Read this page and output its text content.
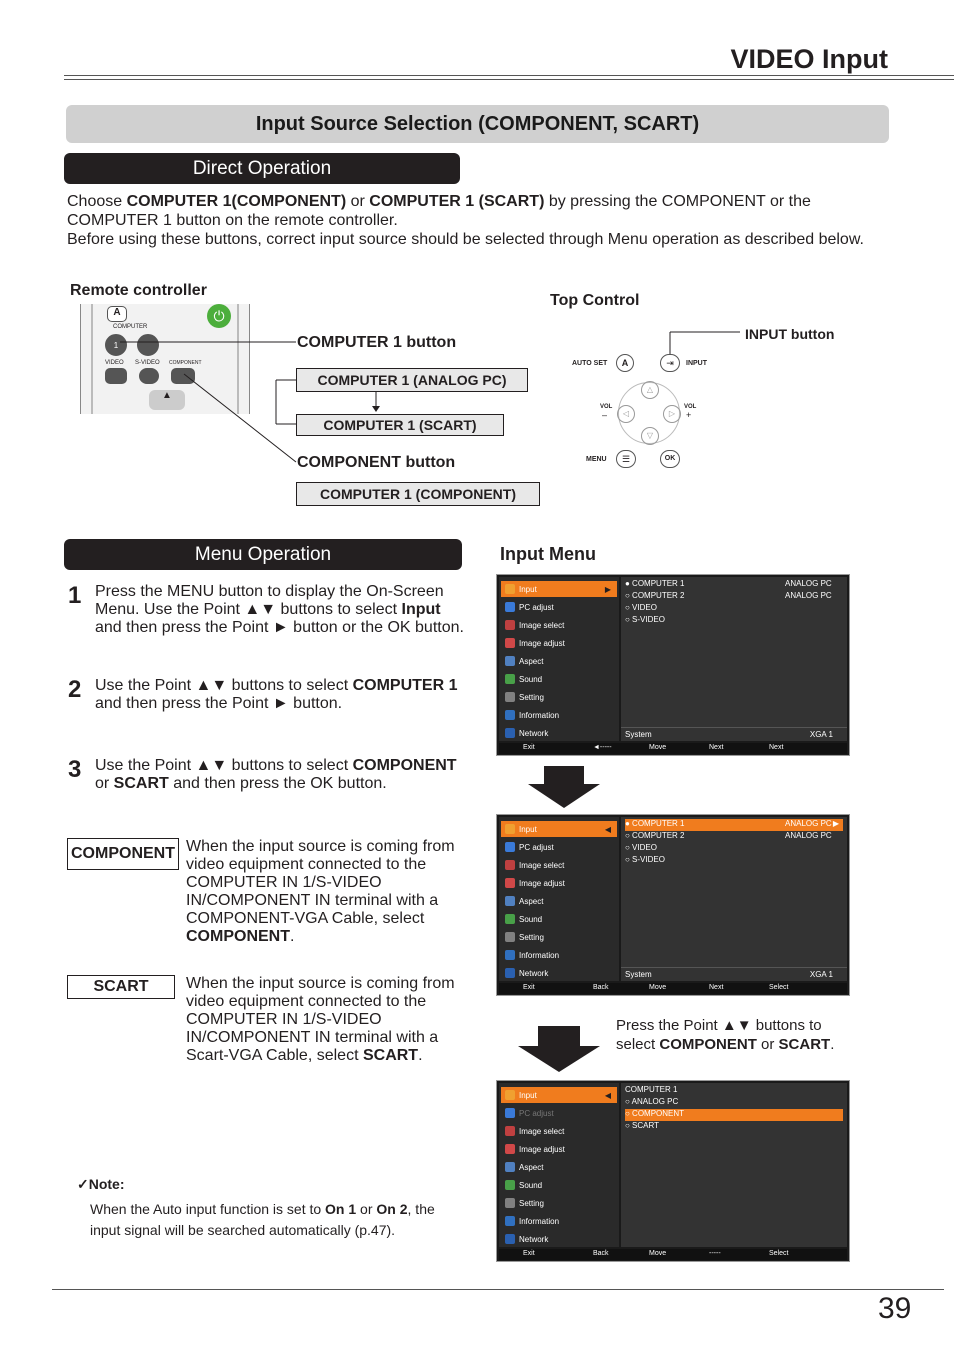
VIDEO Input
Input Source Selection (COMPONENT, SCART)
Direct Operation
Choose COMPUTER 1(COMPONENT) or COMPUTER 1 (SCART) by pressing the COMPONENT or the COMPUTER 1 button on the remote controller.
Before using these buttons, correct input source should be selected through Menu operation as described below.
Remote controller
A	⏻
COMPUTER
1
VIDEO S-VIDEO COMPONENT
▲
COMPUTER 1 button
COMPUTER 1 (ANALOG PC)
COMPUTER 1 (SCART)
COMPONENT button
COMPUTER 1 (COMPONENT)
Top Control
INPUT button
AUTO SET	A	⇥	INPUT
△
▽
◁	▷
VOL
–
VOL
+
MENU	☰	OK
Menu Operation	Input Menu
1 Press the MENU button to display the On-Screen Menu. Use the Point ▲▼ buttons to select Input and then press the Point ► button or the OK button.
2 Use the Point ▲▼ buttons to select COMPUTER 1 and then press the Point ► button.
3 Use the Point ▲▼ buttons to select COMPONENT or SCART and then press the OK button.
COMPONENT When the input source is coming from video equipment connected to the COMPUTER IN 1/S-VIDEO IN/COMPONENT IN terminal with a COMPONENT-VGA Cable, select COMPONENT.
SCART	When the input source is coming from video equipment connected to the COMPUTER IN 1/S-VIDEO IN/COMPONENT IN terminal with a Scart-VGA Cable, select SCART.
✓Note:
When the Auto input function is set to On 1 or On 2, the input signal will be searched automatically (p.47).
Input	▶
PC adjust
Image select
Image adjust
Aspect
Sound
Setting
Information
Network
● COMPUTER 1	ANALOG PC
○ COMPUTER 2	ANALOG PC
○ VIDEO
○ S-VIDEO
System	XGA 1
Exit	◄-----	Move	Next	Next
Input	◀
PC adjust
Image select
Image adjust
Aspect
Sound
Setting
Information
Network
● COMPUTER 1	ANALOG PC ▶
○ COMPUTER 2	ANALOG PC
○ VIDEO
○ S-VIDEO
System	XGA 1
Exit	Back	Move	Next	Select
Input	◀
PC adjust
Image select
Image adjust
Aspect
Sound
Setting
Information
Network
COMPUTER 1
○ ANALOG PC
○ COMPONENT
○ SCART
Exit	Back	Move	-----	Select
Press the Point ▲▼ buttons to select COMPONENT or SCART.
39
